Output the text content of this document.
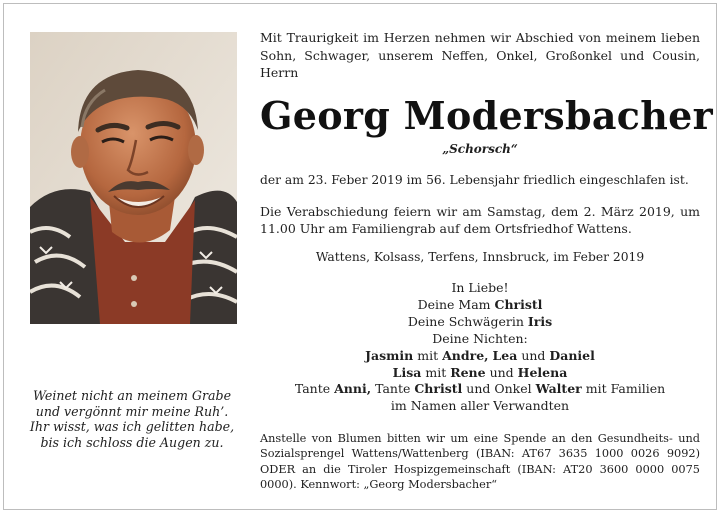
Weinet nicht an meinem Grabe
und vergönnt mir meine Ruh’.
Ihr wisst, was ich gelitten habe,
bis ich schloss die Augen zu.
Mit Traurigkeit im Herzen nehmen wir Abschied von meinem lieben Sohn, Schwager, unserem Neffen, Onkel, Großonkel und Cousin, Herrn
Georg Modersbacher
„Schorsch“
der am 23. Feber 2019 im 56. Lebensjahr friedlich eingeschlafen ist.
Die Verabschiedung feiern wir am Samstag, dem 2. März 2019, um 11.00 Uhr am Familiengrab auf dem Ortsfriedhof Wattens.
Wattens, Kolsass, Terfens, Innsbruck, im Feber 2019
In Liebe!
Deine Mam Christl
Deine Schwägerin Iris
Deine Nichten:
Jasmin mit Andre, Lea und Daniel
Lisa mit Rene und Helena
Tante Anni, Tante Christl und Onkel Walter mit Familien
im Namen aller Verwandten
Anstelle von Blumen bitten wir um eine Spende an den Gesundheits- und Sozialsprengel Wattens/Wattenberg (IBAN: AT67 3635 1000 0026 9092) ODER an die Tiroler Hospizgemeinschaft (IBAN: AT20 3600 0000 0075 0000). Kennwort: „Georg Modersbacher“
